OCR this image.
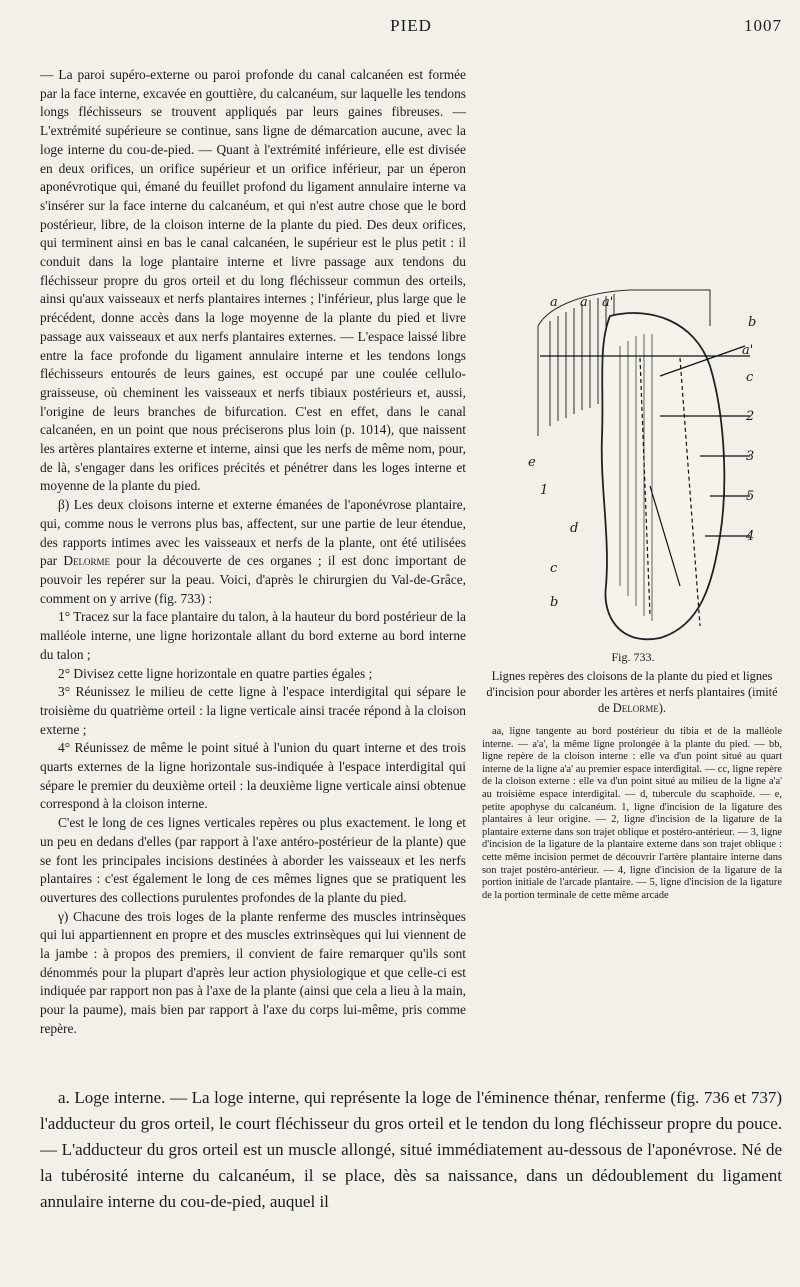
PIED	1007

— La paroi supéro-externe ou paroi profonde du canal calcanéen est formée par la face interne, excavée en gouttière, du calcanéum, sur laquelle les tendons longs fléchisseurs se trouvent appliqués par leurs gaines fibreuses. — L'extrémité supérieure se continue, sans ligne de démarcation aucune, avec la loge interne du cou-de-pied. — Quant à l'extrémité inférieure, elle est divisée en deux orifices, un orifice supérieur et un orifice inférieur, par un éperon aponévrotique qui, émané du feuillet profond du ligament annulaire interne va s'insérer sur la face interne du calcanéum, et qui n'est autre chose que le bord postérieur, libre, de la cloison interne de la plante du pied. Des deux orifices, qui terminent ainsi en bas le canal calcanéen, le supérieur est le plus petit : il conduit dans la loge plantaire interne et livre passage aux tendons du fléchisseur propre du gros orteil et du long fléchisseur commun des orteils, ainsi qu'aux vaisseaux et nerfs plantaires internes ; l'inférieur, plus large que le précédent, donne accès dans la loge moyenne de la plante du pied et livre passage aux vaisseaux et aux nerfs plantaires externes. — L'espace laissé libre entre la face profonde du ligament annulaire interne et les tendons longs fléchisseurs entourés de leurs gaines, est occupé par une coulée cellulo-graisseuse, où cheminent les vaisseaux et nerfs tibiaux postérieurs et, aussi, l'origine de leurs branches de bifurcation. C'est en effet, dans le canal calcanéen, en un point que nous préciserons plus loin (p. 1014), que naissent les artères plantaires externe et interne, ainsi que les nerfs de même nom, pour, de là, s'engager dans les orifices précités et pénétrer dans les loges interne et moyenne de la plante du pied.

β) Les deux cloisons interne et externe émanées de l'aponévrose plantaire, qui, comme nous le verrons plus bas, affectent, sur une partie de leur étendue, des rapports intimes avec les vaisseaux et nerfs de la plante, ont été utilisées par Delorme pour la découverte de ces organes ; il est donc important de pouvoir les repérer sur la peau. Voici, d'après le chirurgien du Val-de-Grâce, comment on y arrive (fig. 733) :

1° Tracez sur la face plantaire du talon, à la hauteur du bord postérieur de la malléole interne, une ligne horizontale allant du bord externe au bord interne du talon ;

2° Divisez cette ligne horizontale en quatre parties égales ;

3° Réunissez le milieu de cette ligne à l'espace interdigital qui sépare le troisième du quatrième orteil : la ligne verticale ainsi tracée répond à la cloison externe ;

4° Réunissez de même le point situé à l'union du quart interne et des trois quarts externes de la ligne horizontale sus-indiquée à l'espace interdigital qui sépare le premier du deuxième orteil : la deuxième ligne verticale ainsi obtenue correspond à la cloison interne.

C'est le long de ces lignes verticales repères ou plus exactement. le long et un peu en dedans d'elles (par rapport à l'axe antéro-postérieur de la plante) que se font les principales incisions destinées à aborder les vaisseaux et les nerfs plantaires : c'est également le long de ces mêmes lignes que se pratiquent les ouvertures des collections purulentes profondes de la plante du pied.

γ) Chacune des trois loges de la plante renferme des muscles intrinsèques qui lui appartiennent en propre et des muscles extrinsèques qui lui viennent de la jambe : à propos des premiers, il convient de faire remarquer qu'ils sont dénommés pour la plupart d'après leur action physiologique et que celle-ci est indiquée par rapport non pas à l'axe de la plante (ainsi que cela a lieu à la main, pour la paume), mais bien par rapport à l'axe du corps lui-même, pris comme repère.

a a a'
b
a'
c
2
3
5
4
e
1
d
c
b
Fig. 733.
Lignes repères des cloisons de la plante du pied et lignes d'incision pour aborder les artères et nerfs plantaires (imité de Delorme).

aa, ligne tangente au bord postérieur du tibia et de la malléole interne. — a'a', la même ligne prolongée à la plante du pied. — bb, ligne repère de la cloison interne : elle va d'un point situé au quart interne de la ligne a'a' au premier espace interdigital. — cc, ligne repère de la cloison externe : elle va d'un point situé au milieu de la ligne a'a' au troisième espace interdigital. — d, tubercule du scaphoïde. — e, petite apophyse du calcanéum. 1, ligne d'incision de la ligature des plantaires à leur origine. — 2, ligne d'incision de la ligature de la plantaire externe dans son trajet oblique et postéro-antérieur. — 3, ligne d'incision de la ligature de la plantaire externe dans son trajet oblique : cette même incision permet de découvrir l'artère plantaire interne dans son trajet postéro-antérieur. — 4, ligne d'incision de la ligature de la portion initiale de l'arcade plantaire. — 5, ligne d'incision de la ligature de la portion terminale de cette même arcade

a. Loge interne. — La loge interne, qui représente la loge de l'éminence thénar, renferme (fig. 736 et 737) l'adducteur du gros orteil, le court fléchisseur du gros orteil et le tendon du long fléchisseur propre du pouce. — L'adducteur du gros orteil est un muscle allongé, situé immédiatement au-dessous de l'aponévrose. Né de la tubérosité interne du calcanéum, il se place, dès sa naissance, dans un dédoublement du ligament annulaire interne du cou-de-pied, auquel il
